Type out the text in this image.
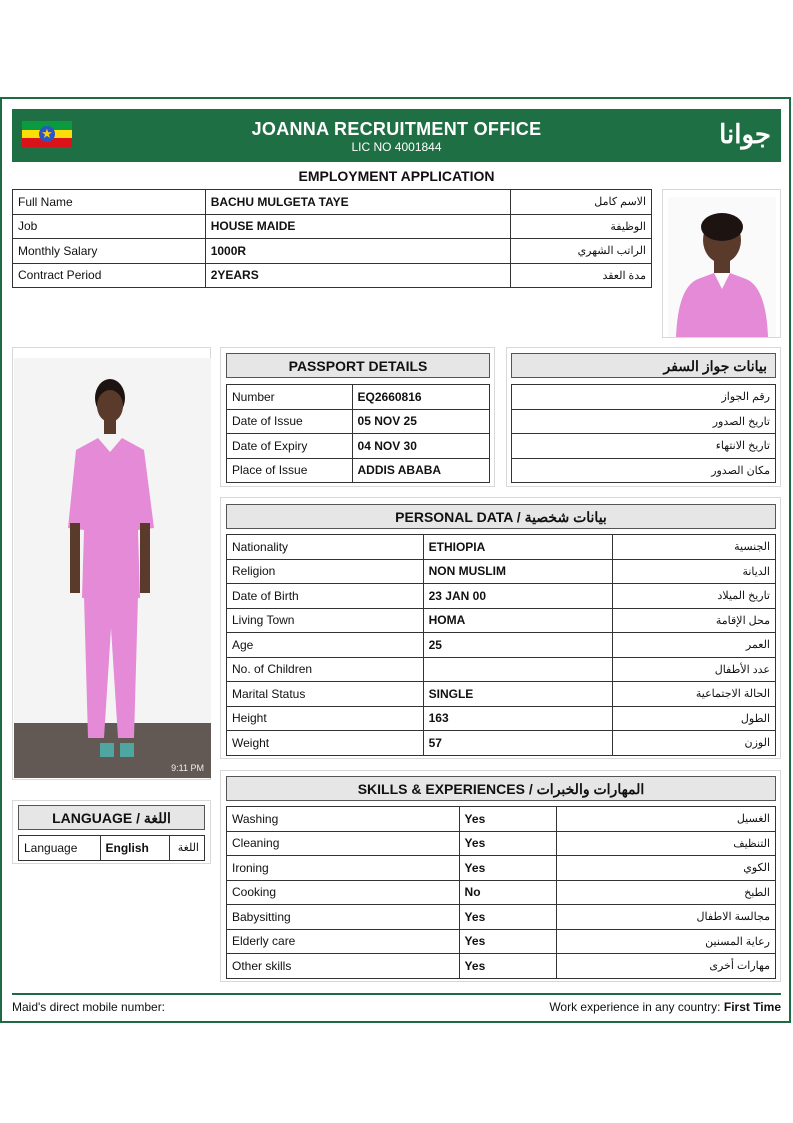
★
JOANNA RECRUITMENT OFFICE
LIC NO 4001844	جوانا
EMPLOYMENT APPLICATION
Full Name	BACHU MULGETA TAYE	الاسم كامل
Job	HOUSE MAIDE	الوظيفة
Monthly Salary	1000R	الراتب الشهري
Contract Period	2YEARS	مدة العقد
9:11 PM
PASSPORT DETAILS
Number	EQ2660816
Date of Issue	05 NOV 25
Date of Expiry	04 NOV 30
Place of Issue	ADDIS ABABA
بيانات جواز السفر
رقم الجواز
تاريخ الصدور
تاريخ الانتهاء
مكان الصدور
PERSONAL DATA / بيانات شخصية
Nationality	ETHIOPIA	الجنسية
Religion	NON MUSLIM	الديانة
Date of Birth	23 JAN 00	تاريخ الميلاد
Living Town	HOMA	محل الإقامة
Age	25	العمر
No. of Children		عدد الأطفال
Marital Status	SINGLE	الحالة الاجتماعية
Height	163	الطول
Weight	57	الوزن
LANGUAGE / اللغة
Language	English	اللغة
SKILLS & EXPERIENCES / المهارات والخبرات
Washing	Yes	الغسيل
Cleaning	Yes	التنظيف
Ironing	Yes	الكوي
Cooking	No	الطبخ
Babysitting	Yes	مجالسة الاطفال
Elderly care	Yes	رعاية المسنين
Other skills	Yes	مهارات أخرى
Maid's direct mobile number:	Work experience in any country: First Time
